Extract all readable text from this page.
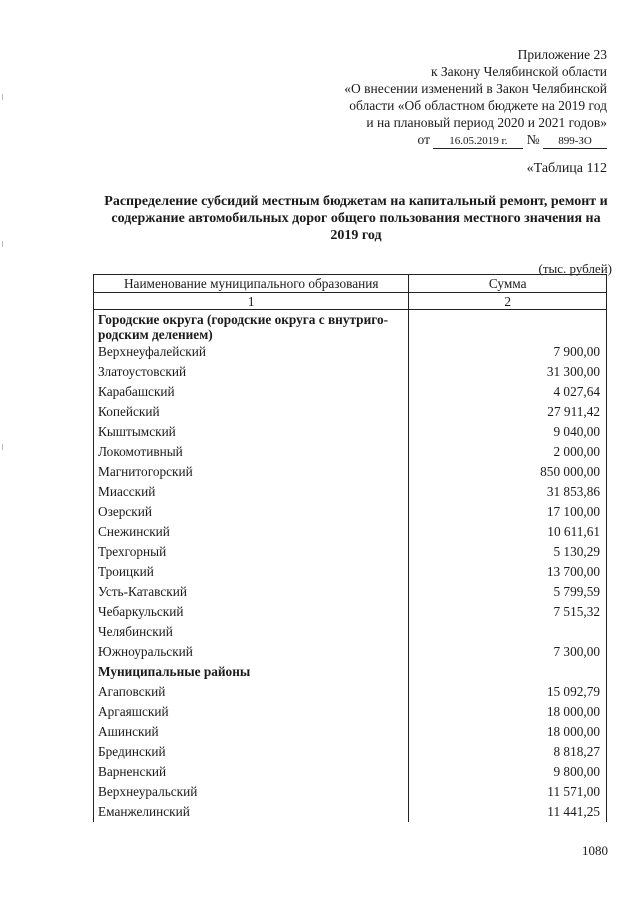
Приложение 23
к Закону Челябинской области
«О внесении изменений в Закон Челябинской
области «Об областном бюджете на 2019 год
и на плановый период 2020 и 2021 годов»
от 16.05.2019 г. № 899-ЗО
«Таблица 112
Распределение субсидий местным бюджетам на капитальный ремонт, ремонт и
содержание автомобильных дорог общего пользования местного значения на
2019 год
(тыс. рублей)
Наименование муниципального образования	Сумма
1	2

Городские округа (городские округа с внутриго-
родским делением)	

Верхнеуфалейский	7 900,00
Златоустовский	31 300,00
Карабашский	4 027,64
Копейский	27 911,42
Кыштымский	9 040,00
Локомотивный	2 000,00
Магнитогорский	850 000,00
Миасский	31 853,86
Озерский	17 100,00
Снежинский	10 611,61
Трехгорный	5 130,29
Троицкий	13 700,00
Усть-Катавский	5 799,59
Чебаркульский	7 515,32
Челябинский	
Южноуральский	7 300,00

Муниципальные районы	

Агаповский	15 092,79
Аргаяшский	18 000,00
Ашинский	18 000,00
Брединский	8 818,27
Варненский	9 800,00
Верхнеуральский	11 571,00
Еманжелинский	11 441,25
1080
